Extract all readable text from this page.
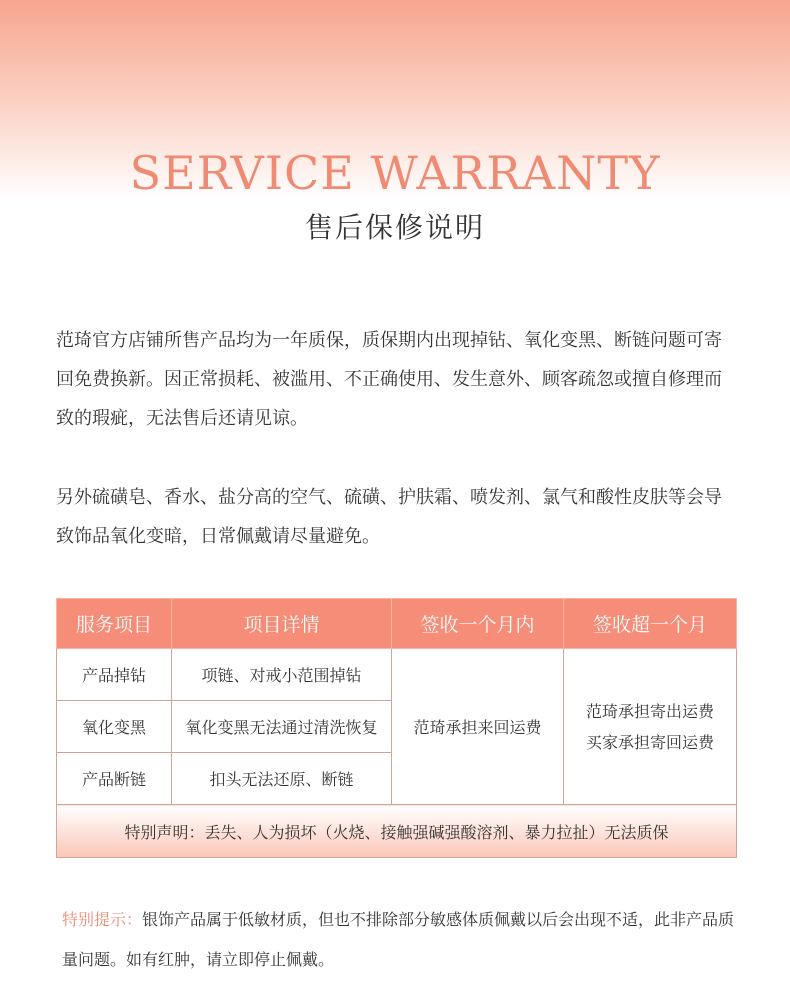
SERVICE WARRANTY
售后保修说明
范琦官方店铺所售产品均为一年质保，质保期内出现掉钻、氧化变黑、断链问题可寄回免费换新。因正常损耗、被滥用、不正确使用、发生意外、顾客疏忽或擅自修理而致的瑕疵，无法售后还请见谅。
另外硫磺皂、香水、盐分高的空气、硫磺、护肤霜、喷发剂、氯气和酸性皮肤等会导致饰品氧化变暗，日常佩戴请尽量避免。
服务项目	项目详情	签收一个月内	签收超一个月
产品掉钻	项链、对戒小范围掉钻	范琦承担来回运费	范琦承担寄出运费
买家承担寄回运费

氧化变黑	氧化变黑无法通过清洗恢复		
产品断链	扣头无法还原、断链		
特别声明：丢失、人为损坏（火烧、接触强碱强酸溶剂、暴力拉扯）无法质保			
特别提示：银饰产品属于低敏材质，但也不排除部分敏感体质佩戴以后会出现不适，此非产品质量问题。如有红肿，请立即停止佩戴。
